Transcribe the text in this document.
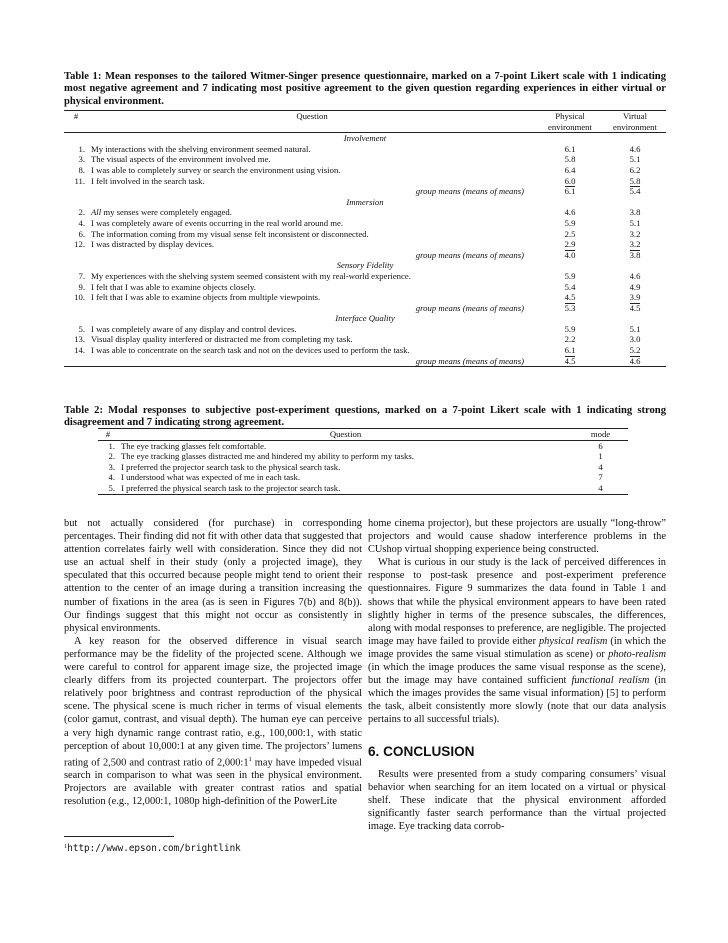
Table 1: Mean responses to the tailored Witmer-Singer presence questionnaire, marked on a 7-point Likert scale with 1 indicating most negative agreement and 7 indicating most positive agreement to the given question regarding experiences in either virtual or physical environment.
#	Question	Physical	Virtual
		environment	environment
Involvement			
1.	My interactions with the shelving environment seemed natural.	6.1	4.6
3.	The visual aspects of the environment involved me.	5.8	5.1
8.	I was able to completely survey or search the environment using vision.	6.4	6.2
11.	I felt involved in the search task.	6.0	5.8
	group means (means of means)	6.1	5.4
Immersion			
2.	All my senses were completely engaged.	4.6	3.8
4.	I was completely aware of events occurring in the real world around me.	5.9	5.1
6.	The information coming from my visual sense felt inconsistent or disconnected.	2.5	3.2
12.	I was distracted by display devices.	2.9	3.2
	group means (means of means)	4.0	3.8
Sensory Fidelity			
7.	My experiences with the shelving system seemed consistent with my real-world experience.	5.9	4.6
9.	I felt that I was able to examine objects closely.	5.4	4.9
10.	I felt that I was able to examine objects from multiple viewpoints.	4.5	3.9
	group means (means of means)	5.3	4.5
Interface Quality			
5.	I was completely aware of any display and control devices.	5.9	5.1
13.	Visual display quality interfered or distracted me from completing my task.	2.2	3.0
14.	I was able to concentrate on the search task and not on the devices used to perform the task.	6.1	5.2
	group means (means of means)	4.5	4.6
Table 2: Modal responses to subjective post-experiment questions, marked on a 7-point Likert scale with 1 indicating strong disagreement and 7 indicating strong agreement.
#	Question	mode
1.	The eye tracking glasses felt comfortable.	6
2.	The eye tracking glasses distracted me and hindered my ability to perform my tasks.	1
3.	I preferred the projector search task to the physical search task.	4
4.	I understood what was expected of me in each task.	7
5.	I preferred the physical search task to the projector search task.	4

but not actually considered (for purchase) in corresponding percentages. Their finding did not fit with other data that suggested that attention correlates fairly well with consideration. Since they did not use an actual shelf in their study (only a projected image), they speculated that this occurred because people might tend to orient their attention to the center of an image during a transition increasing the number of fixations in the area (as is seen in Figures 7(b) and 8(b)). Our findings suggest that this might not occur as consistently in physical environments.

A key reason for the observed difference in visual search performance may be the fidelity of the projected scene. Although we were careful to control for apparent image size, the projected image clearly differs from its projected counterpart. The projectors offer relatively poor brightness and contrast reproduction of the physical scene. The physical scene is much richer in terms of visual elements (color gamut, contrast, and visual depth). The human eye can perceive a very high dynamic range contrast ratio, e.g., 100,000:1, with static perception of about 10,000:1 at any given time. The projectors’ lumens rating of 2,500 and contrast ratio of $2,000:1^1$ may have impeded visual search in comparison to what was seen in the physical environment. Projectors are available with greater contrast ratios and spatial resolution (e.g., 12,000:1, 1080p high-definition of the PowerLite

$^1$http://www.epson.com/brightlink

home cinema projector), but these projectors are usually “long-throw” projectors and would cause shadow interference problems in the CUshop virtual shopping experience being constructed.

What is curious in our study is the lack of perceived differences in response to post-task presence and post-experiment preference questionnaires. Figure 9 summarizes the data found in Table 1 and shows that while the physical environment appears to have been rated slightly higher in terms of the presence subscales, the differences, along with modal responses to preference, are negligible. The projected image may have failed to provide either physical realism (in which the image provides the same visual stimulation as scene) or photo-realism (in which the image produces the same visual response as the scene), but the image may have contained sufficient functional realism (in which the images provides the same visual information) [5] to perform the task, albeit consistently more slowly (note that our data analysis pertains to all successful trials).

6. CONCLUSION

Results were presented from a study comparing consumers’ visual behavior when searching for an item located on a virtual or physical shelf. These indicate that the physical environment afforded significantly faster search performance than the virtual projected image. Eye tracking data corrob-
